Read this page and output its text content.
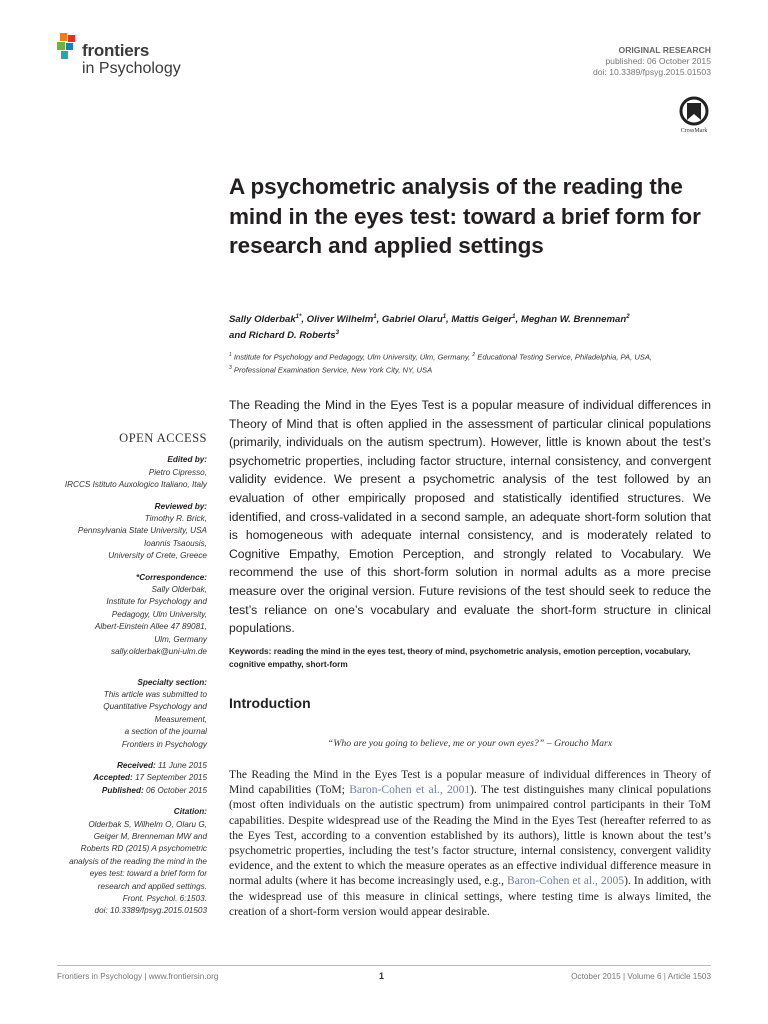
frontiers
in Psychology
ORIGINAL RESEARCH
published: 06 October 2015
doi: 10.3389/fpsyg.2015.01503
CrossMark
A psychometric analysis of the reading the mind in the eyes test: toward a brief form for research and applied settings
Sally Olderbak$^{1*}$, Oliver Wilhelm$^1$, Gabriel Olaru$^1$, Mattis Geiger$^1$, Meghan W. Brenneman$^2$
and Richard D. Roberts$^3$
$^1$ Institute for Psychology and Pedagogy, Ulm University, Ulm, Germany, $^2$ Educational Testing Service, Philadelphia, PA, USA,
$^3$ Professional Examination Service, New York City, NY, USA
The Reading the Mind in the Eyes Test is a popular measure of individual differences in Theory of Mind that is often applied in the assessment of particular clinical populations (primarily, individuals on the autism spectrum). However, little is known about the test’s psychometric properties, including factor structure, internal consistency, and convergent validity evidence. We present a psychometric analysis of the test followed by an evaluation of other empirically proposed and statistically identified structures. We identified, and cross-validated in a second sample, an adequate short-form solution that is homogeneous with adequate internal consistency, and is moderately related to Cognitive Empathy, Emotion Perception, and strongly related to Vocabulary. We recommend the use of this short-form solution in normal adults as a more precise measure over the original version. Future revisions of the test should seek to reduce the test’s reliance on one’s vocabulary and evaluate the short-form structure in clinical populations.
Keywords: reading the mind in the eyes test, theory of mind, psychometric analysis, emotion perception, vocabulary, cognitive empathy, short-form
OPEN ACCESS
Edited by:
Pietro Cipresso,
IRCCS Istituto Auxologico Italiano, Italy
Reviewed by:
Timothy R. Brick,
Pennsylvania State University, USA
Ioannis Tsaousis,
University of Crete, Greece
*Correspondence:
Sally Olderbak,
Institute for Psychology and
Pedagogy, Ulm University,
Albert-Einstein Allee 47 89081,
Ulm, Germany
sally.olderbak@uni-ulm.de
Specialty section:
This article was submitted to
Quantitative Psychology and
Measurement,
a section of the journal
Frontiers in Psychology
Received: 11 June 2015
Accepted: 17 September 2015
Published: 06 October 2015
Citation:
Olderbak S, Wilhelm O, Olaru G,
Geiger M, Brenneman MW and
Roberts RD (2015) A psychometric
analysis of the reading the mind in the
eyes test: toward a brief form for
research and applied settings.
Front. Psychol. 6:1503.
doi: 10.3389/fpsyg.2015.01503
Introduction
“Who are you going to believe, me or your own eyes?” – Groucho Marx
The Reading the Mind in the Eyes Test is a popular measure of individual differences in Theory of Mind capabilities (ToM; Baron-Cohen et al., 2001). The test distinguishes many clinical populations (most often individuals on the autistic spectrum) from unimpaired control participants in their ToM capabilities. Despite widespread use of the Reading the Mind in the Eyes Test (hereafter referred to as the Eyes Test, according to a convention established by its authors), little is known about the test’s psychometric properties, including the test’s factor structure, internal consistency, convergent validity evidence, and the extent to which the measure operates as an effective individual difference measure in normal adults (where it has become increasingly used, e.g., Baron-Cohen et al., 2005). In addition, with the widespread use of this measure in clinical settings, where testing time is always limited, the creation of a short-form version would appear desirable.
Frontiers in Psychology | www.frontiersin.org	1	October 2015 | Volume 6 | Article 1503
